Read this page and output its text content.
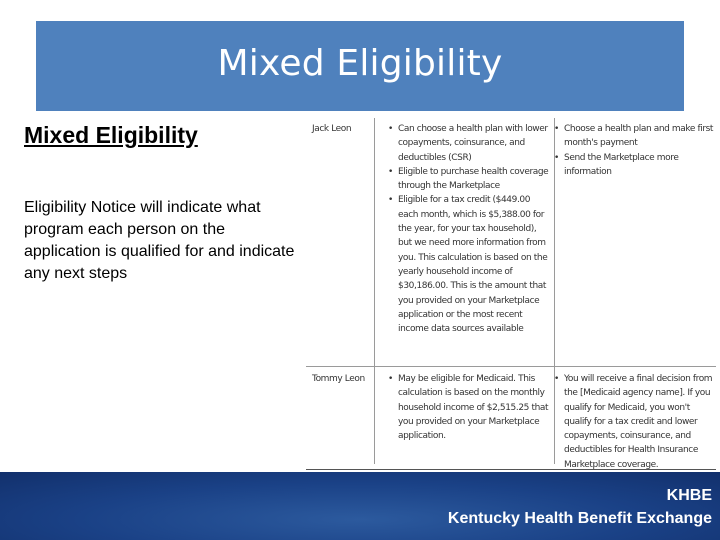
Mixed Eligibility
Mixed Eligibility

Eligibility Notice will indicate what program each person on the application is qualified for and indicate any next steps

Jack Leon	• Can choose a health plan with lower copayments, coinsurance, and deductibles (CSR)
• Eligible to purchase health coverage through the Marketplace
• Eligible for a tax credit ($449.00 each month, which is $5,388.00 for the year, for your tax household), but we need more information from you. This calculation is based on the yearly household income of $30,186.00. This is the amount that you provided on your Marketplace application or the most recent income data sources available
• Choose a health plan and make first month's payment
• Send the Marketplace more information
Tommy Leon	• May be eligible for Medicaid. This calculation is based on the monthly household income of $2,515.25 that you provided on your Marketplace application.
• You will receive a final decision from the [Medicaid agency name]. If you qualify for Medicaid, you won't qualify for a tax credit and lower copayments, coinsurance, and deductibles for Health Insurance Marketplace coverage.
KHBE
Kentucky Health Benefit Exchange
